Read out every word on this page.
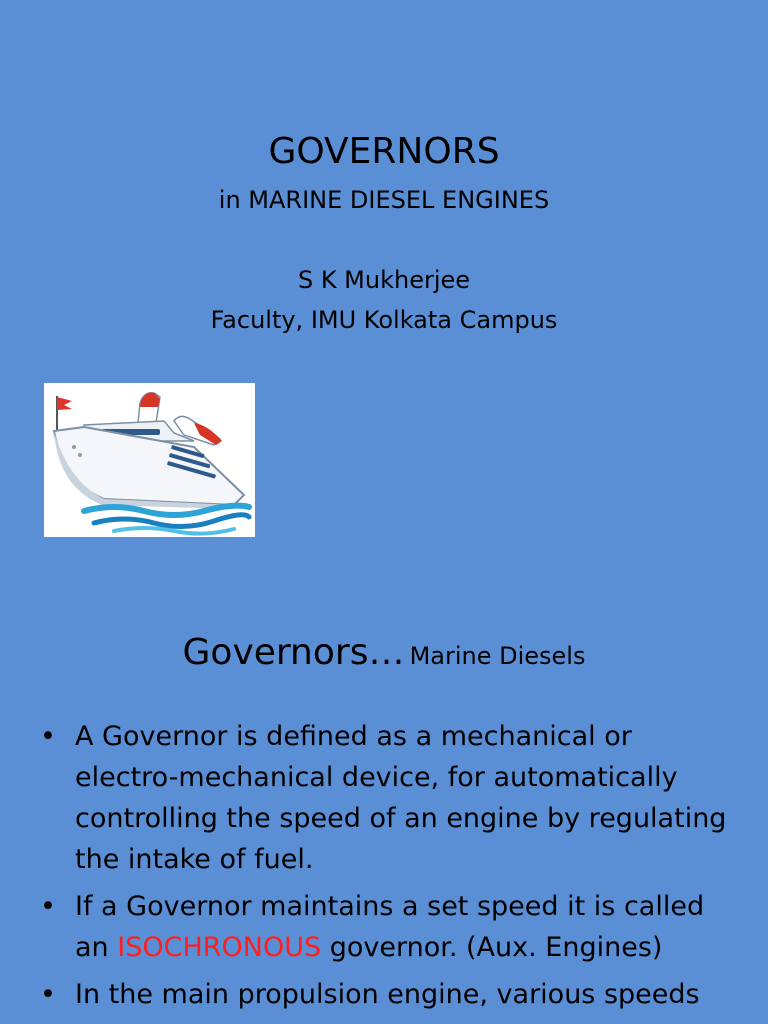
GOVERNORS
in MARINE DIESEL ENGINES
S K Mukherjee
Faculty, IMU Kolkata Campus
Governors… Marine Diesels
• A Governor is defined as a mechanical or electro-mechanical device, for automatically controlling the speed of an engine by regulating the intake of fuel.
• If a Governor maintains a set speed it is called an ISOCHRONOUS governor. (Aux. Engines)
• In the main propulsion engine, various speeds
